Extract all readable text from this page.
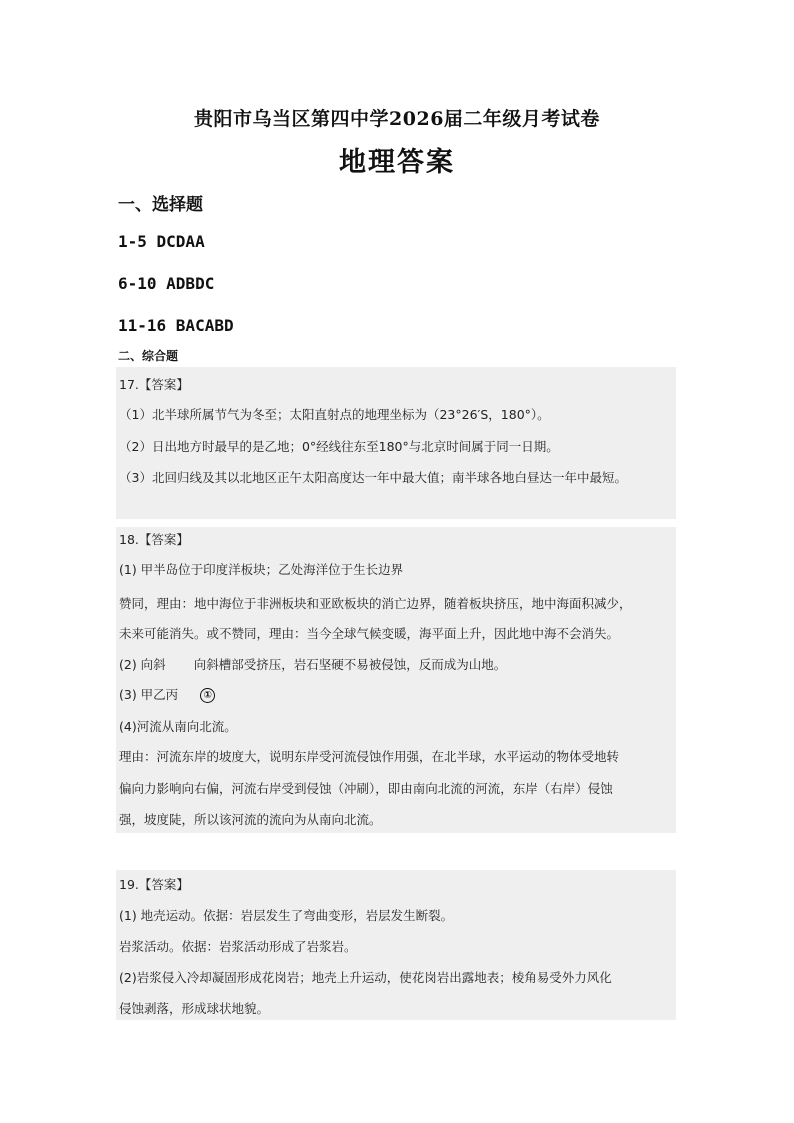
贵阳市乌当区第四中学2026届二年级月考试卷
地理答案
一、选择题
1-5 DCDAA
6-10 ADBDC
11-16 BACABD
二、综合题
17.【答案】
（1）北半球所属节气为冬至；太阳直射点的地理坐标为（23°26′S，180°）。
（2）日出地方时最早的是乙地；0°经线往东至180°与北京时间属于同一日期。
（3）北回归线及其以北地区正午太阳高度达一年中最大值；南半球各地白昼达一年中最短。
18.【答案】
(1) 甲半岛位于印度洋板块；乙处海洋位于生长边界
赞同，理由：地中海位于非洲板块和亚欧板块的消亡边界，随着板块挤压，地中海面积减少，
未来可能消失。或不赞同，理由：当今全球气候变暖，海平面上升，因此地中海不会消失。
(2) 向斜 向斜槽部受挤压，岩石坚硬不易被侵蚀，反而成为山地。
(3) 甲乙丙	①
(4)河流从南向北流。
理由：河流东岸的坡度大，说明东岸受河流侵蚀作用强，在北半球，水平运动的物体受地转
偏向力影响向右偏，河流右岸受到侵蚀（冲刷），即由南向北流的河流，东岸（右岸）侵蚀
强，坡度陡，所以该河流的流向为从南向北流。
19.【答案】
(1) 地壳运动。依据：岩层发生了弯曲变形，岩层发生断裂。
岩浆活动。依据：岩浆活动形成了岩浆岩。
(2)岩浆侵入冷却凝固形成花岗岩；地壳上升运动，使花岗岩出露地表；棱角易受外力风化
侵蚀剥落，形成球状地貌。
